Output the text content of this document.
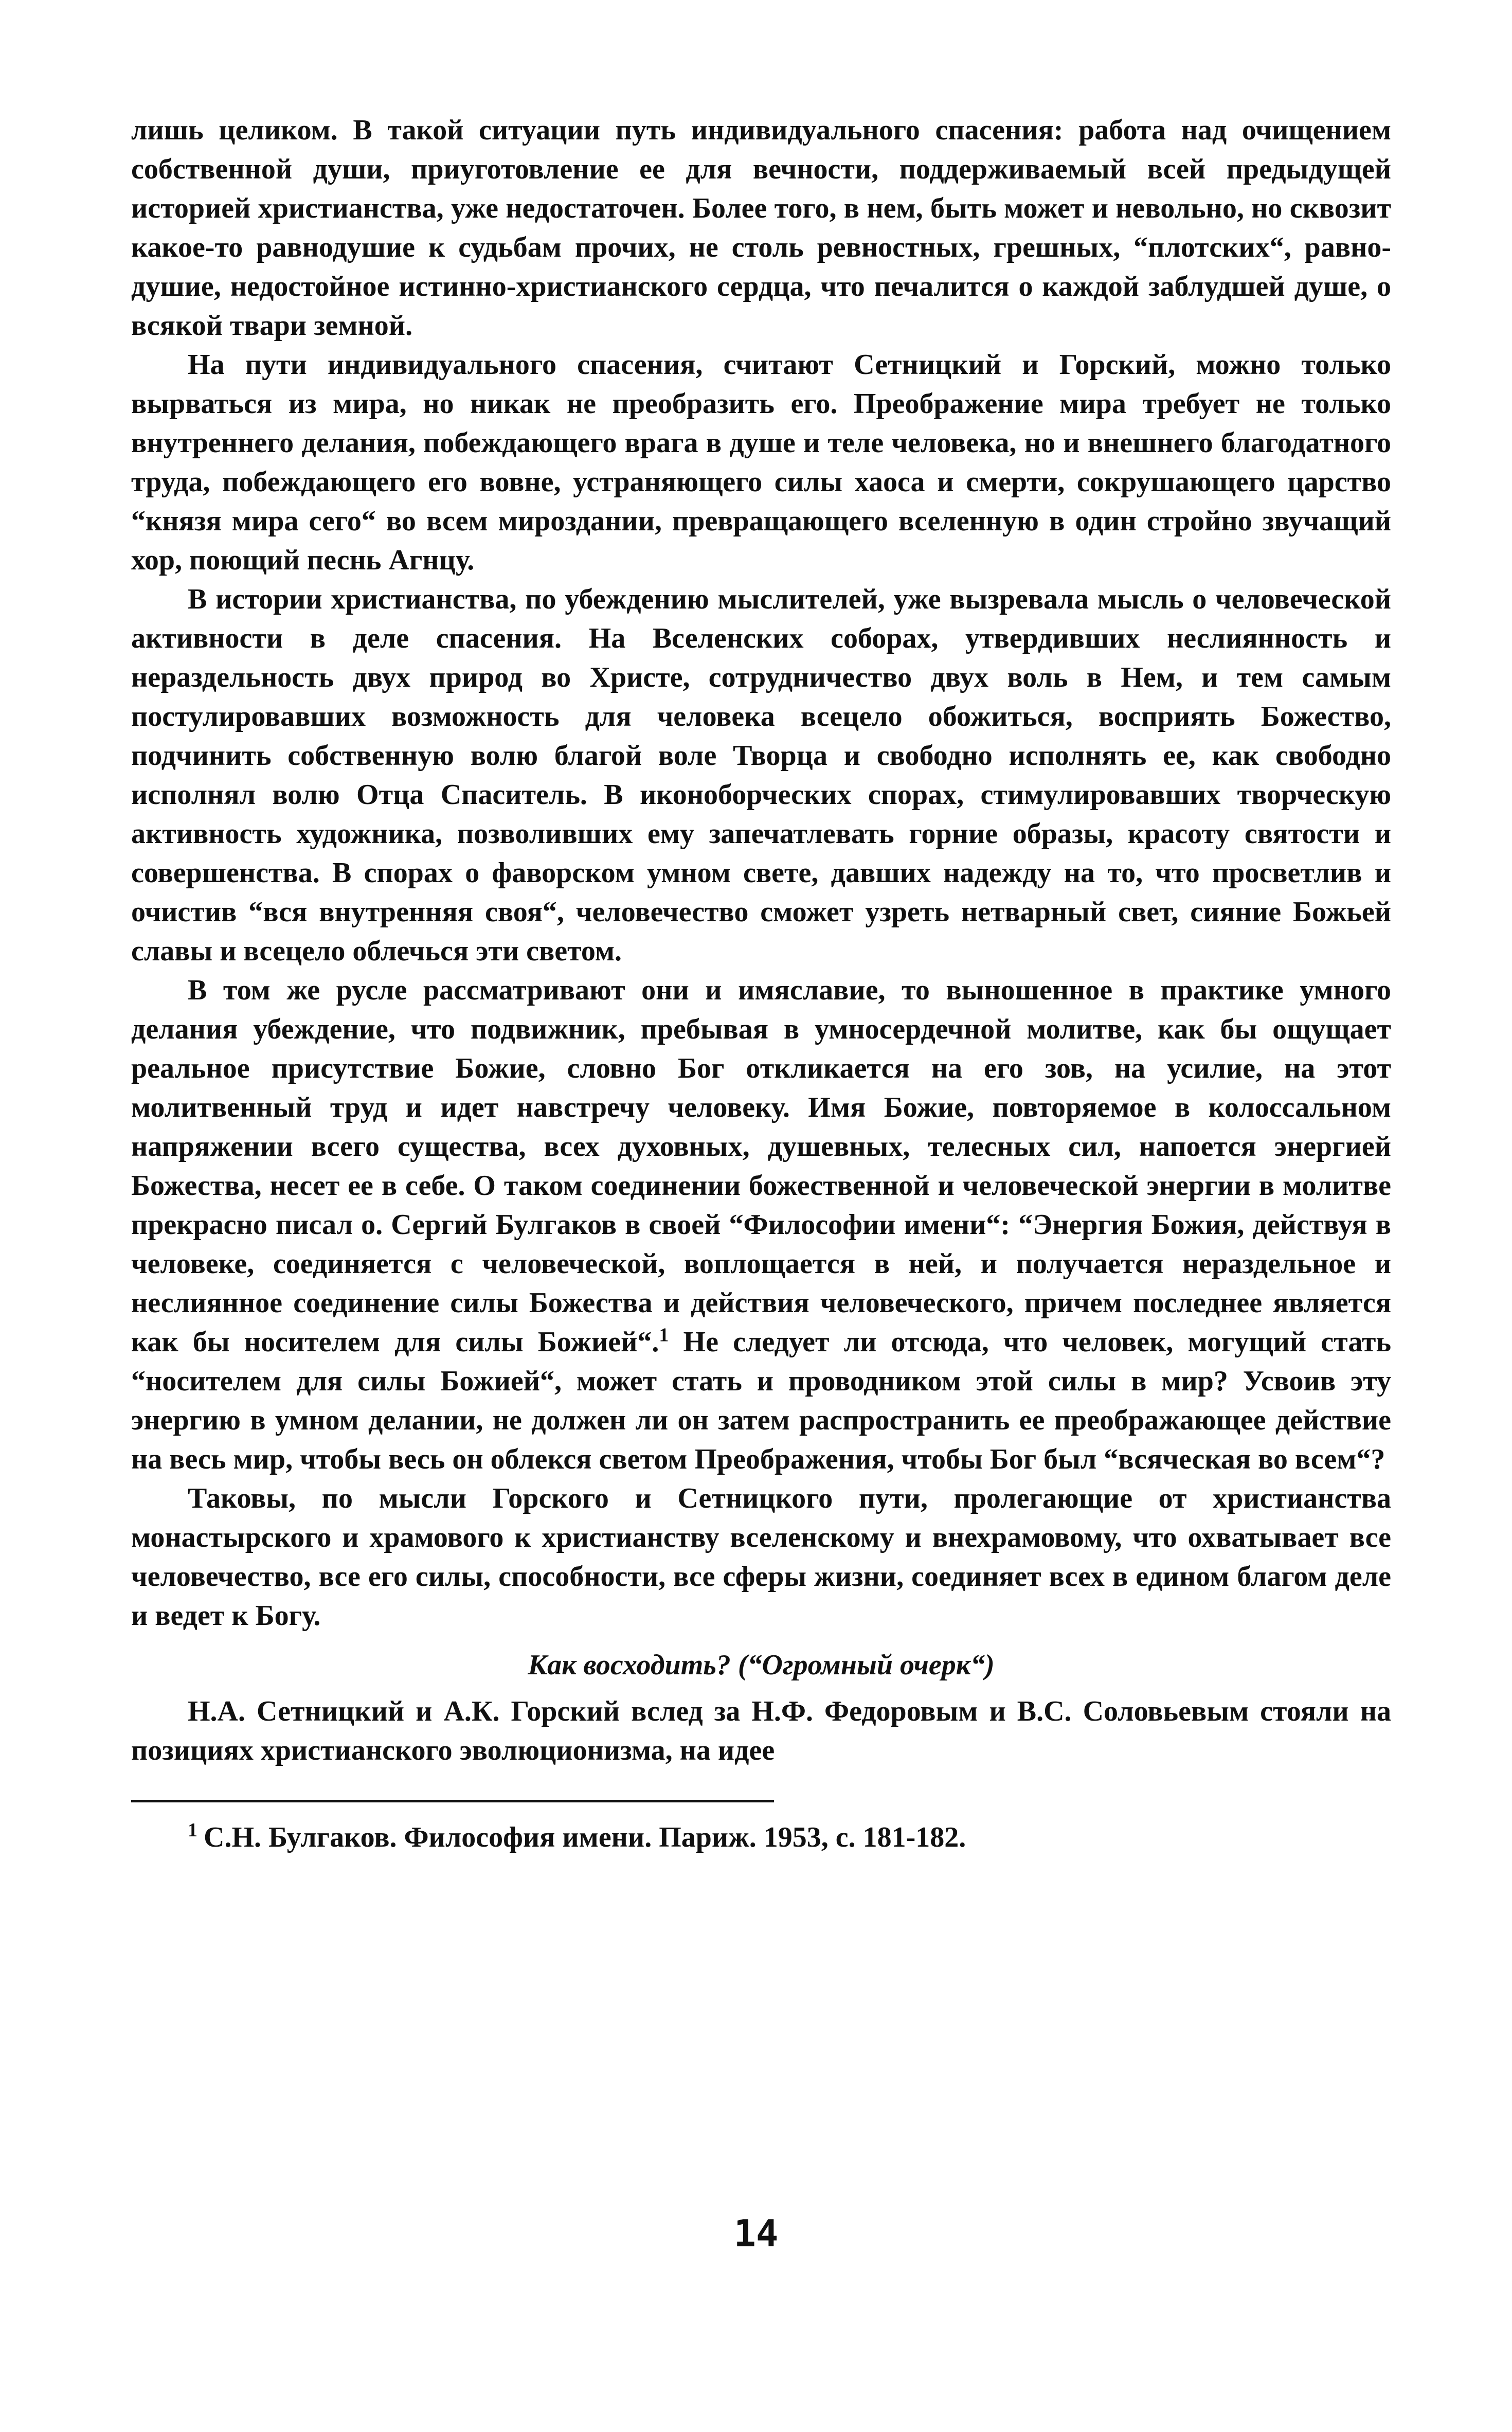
лишь целиком. В такой ситуации путь индивидуального спасения: работа над очищением собственной души, приуготовление ее для вечности, поддерживаемый всей предыдущей историей христианства, уже недостаточен. Более того, в нем, быть может и невольно, но сквозит какое-то равнодушие к судьбам прочих, не столь ревностных, грешных, “плотских“, равнодушие, недостойное истинно-христианского сердца, что печалится о каждой заблудшей душе, о всякой твари земной.

На пути индивидуального спасения, считают Сетницкий и Горский, можно только вырваться из мира, но никак не преобразить его. Преображение мира требует не только внутреннего делания, побеждающего врага в душе и теле человека, но и внешнего благодатного труда, побеждающего его вовне, устраняющего силы хаоса и смерти, сокрушающего царство “князя мира сего“ во всем мироздании, превращающего вселенную в один стройно звучащий хор, поющий песнь Агнцу.

В истории христианства, по убеждению мыслителей, уже вызревала мысль о человеческой активности в деле спасения. На Вселенских соборах, утвердивших неслиянность и нераздельность двух природ во Христе, сотрудничество двух воль в Нем, и тем самым постулировавших возможность для человека всецело обожиться, восприять Божество, подчинить собственную волю благой воле Творца и свободно исполнять ее, как свободно исполнял волю Отца Спаситель. В иконоборческих спорах, стимулировавших творческую активность художника, позволивших ему запечатлевать горние образы, красоту святости и совершенства. В спорах о фаворском умном свете, давших надежду на то, что просветлив и очистив “вся внутренняя своя“, человечество сможет узреть нетварный свет, сияние Божьей славы и всецело облечься эти светом.

В том же русле рассматривают они и имяславие, то выношенное в практике умного делания убеждение, что подвижник, пребывая в умносердечной молитве, как бы ощущает реальное присутствие Божие, словно Бог откликается на его зов, на усилие, на этот молитвенный труд и идет навстречу человеку. Имя Божие, повторяемое в колоссальном напряжении всего существа, всех духовных, душевных, телесных сил, напоется энергией Божества, несет ее в себе. О таком соединении божественной и человеческой энергии в молитве прекрасно писал о. Сергий Булгаков в своей “Философии имени“: “Энергия Божия, действуя в человеке, соединяется с человеческой, воплощается в ней, и получается нераздельное и неслиянное соединение силы Божества и действия человеческого, причем последнее является как бы носителем для силы Божией“.$^1$ Не следует ли отсюда, что человек, могущий стать “носителем для силы Божией“, может стать и проводником этой силы в мир? Усвоив эту энергию в умном делании, не должен ли он затем распространить ее преображающее действие на весь мир, чтобы весь он облекся светом Преображения, чтобы Бог был “всяческая во всем“?

Таковы, по мысли Горского и Сетницкого пути, пролегающие от христианства монастырского и храмового к христианству вселенскому и внехрамовому, что охватывает все человечество, все его силы, способности, все сферы жизни, соединяет всех в едином благом деле и ведет к Богу.

Как восходить? (“Огромный очерк“)

Н.А. Сетницкий и А.К. Горский вслед за Н.Ф. Федоровым и В.С. Соловьевым стояли на позициях христианского эволюционизма, на идее

$^1$ С.Н. Булгаков. Философия имени. Париж. 1953, с. 181-182.

14
